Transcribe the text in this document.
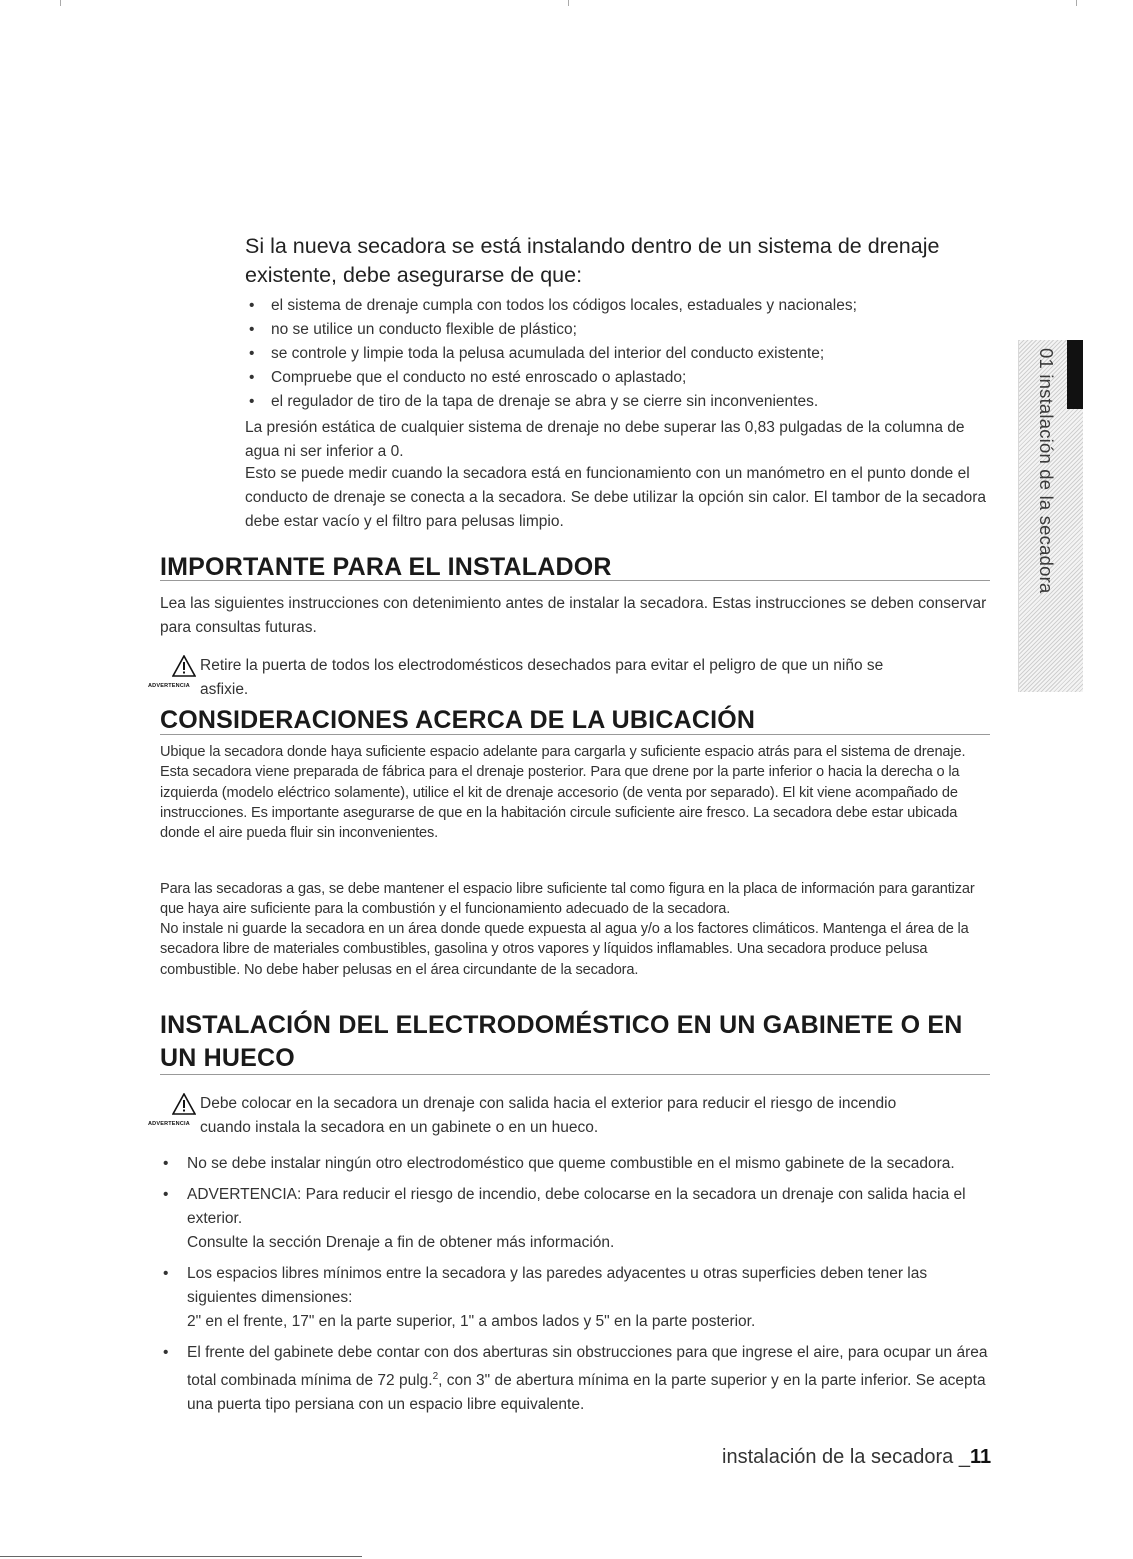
Si la nueva secadora se está instalando dentro de un sistema de drenaje existente, debe asegurarse de que:
• el sistema de drenaje cumpla con todos los códigos locales, estaduales y nacionales;
• no se utilice un conducto flexible de plástico;
• se controle y limpie toda la pelusa acumulada del interior del conducto existente;
• Compruebe que el conducto no esté enroscado o aplastado;
• el regulador de tiro de la tapa de drenaje se abra y se cierre sin inconvenientes.
La presión estática de cualquier sistema de drenaje no debe superar las 0,83 pulgadas de la columna de agua ni ser inferior a 0.
Esto se puede medir cuando la secadora está en funcionamiento con un manómetro en el punto donde el conducto de drenaje se conecta a la secadora. Se debe utilizar la opción sin calor. El tambor de la secadora debe estar vacío y el filtro para pelusas limpio.
IMPORTANTE PARA EL INSTALADOR
Lea las siguientes instrucciones con detenimiento antes de instalar la secadora. Estas instrucciones se deben conservar para consultas futuras.
ADVERTENCIA
Retire la puerta de todos los electrodomésticos desechados para evitar el peligro de que un niño se
asfixie.
CONSIDERACIONES ACERCA DE LA UBICACIÓN
Ubique la secadora donde haya suficiente espacio adelante para cargarla y suficiente espacio atrás para el sistema de drenaje. Esta secadora viene preparada de fábrica para el drenaje posterior. Para que drene por la parte inferior o hacia la derecha o la izquierda (modelo eléctrico solamente), utilice el kit de drenaje accesorio (de venta por separado). El kit viene acompañado de instrucciones. Es importante asegurarse de que en la habitación circule suficiente aire fresco. La secadora debe estar ubicada donde el aire pueda fluir sin inconvenientes.
Para las secadoras a gas, se debe mantener el espacio libre suficiente tal como figura en la placa de información para garantizar que haya aire suficiente para la combustión y el funcionamiento adecuado de la secadora.
No instale ni guarde la secadora en un área donde quede expuesta al agua y/o a los factores climáticos. Mantenga el área de la secadora libre de materiales combustibles, gasolina y otros vapores y líquidos inflamables. Una secadora produce pelusa combustible. No debe haber pelusas en el área circundante de la secadora.
INSTALACIÓN DEL ELECTRODOMÉSTICO EN UN GABINETE O EN
UN HUECO
ADVERTENCIA
Debe colocar en la secadora un drenaje con salida hacia el exterior para reducir el riesgo de incendio
cuando instala la secadora en un gabinete o en un hueco.
• No se debe instalar ningún otro electrodoméstico que queme combustible en el mismo gabinete de la secadora.
• ADVERTENCIA: Para reducir el riesgo de incendio, debe colocarse en la secadora un drenaje con salida hacia el exterior.
Consulte la sección Drenaje a fin de obtener más información.
• Los espacios libres mínimos entre la secadora y las paredes adyacentes u otras superficies deben tener las siguientes dimensiones:
2" en el frente, 17" en la parte superior, 1" a ambos lados y 5" en la parte posterior.
• El frente del gabinete debe contar con dos aberturas sin obstrucciones para que ingrese el aire, para ocupar un área total combinada mínima de 72 pulg.$^2$, con 3" de abertura mínima en la parte superior y en la parte inferior. Se acepta una puerta tipo persiana con un espacio libre equivalente.
01 instalación de la secadora
instalación de la secadora _11
